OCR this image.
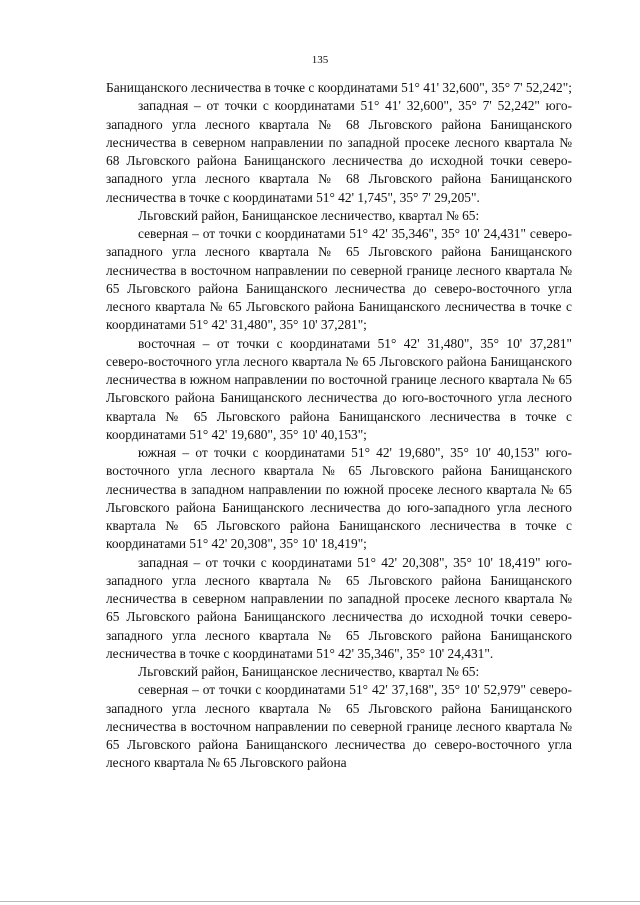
135

Банищанского лесничества в точке с координатами 51° 41' 32,600", 35° 7' 52,242";

западная – от точки с координатами 51° 41' 32,600", 35° 7' 52,242" юго-западного угла лесного квартала № 68 Льговского района Банищанского лесничества в северном направлении по западной просеке лесного квартала № 68 Льговского района Банищанского лесничества до исходной точки северо-западного угла лесного квартала № 68 Льговского района Банищанского лесничества в точке с координатами 51° 42' 1,745", 35° 7' 29,205".

Льговский район, Банищанское лесничество, квартал № 65:

северная – от точки с координатами 51° 42' 35,346", 35° 10' 24,431" северо-западного угла лесного квартала № 65 Льговского района Банищанского лесничества в восточном направлении по северной границе лесного квартала № 65 Льговского района Банищанского лесничества до северо-восточного угла лесного квартала № 65 Льговского района Банищанского лесничества в точке с координатами 51° 42' 31,480", 35° 10' 37,281";

восточная – от точки с координатами 51° 42' 31,480", 35° 10' 37,281" северо-восточного угла лесного квартала № 65 Льговского района Банищанского лесничества в южном направлении по восточной границе лесного квартала № 65 Льговского района Банищанского лесничества до юго-восточного угла лесного квартала № 65 Льговского района Банищанского лесничества в точке с координатами 51° 42' 19,680", 35° 10' 40,153";

южная – от точки с координатами 51° 42' 19,680", 35° 10' 40,153" юго-восточного угла лесного квартала № 65 Льговского района Банищанского лесничества в западном направлении по южной просеке лесного квартала № 65 Льговского района Банищанского лесничества до юго-западного угла лесного квартала № 65 Льговского района Банищанского лесничества в точке с координатами 51° 42' 20,308", 35° 10' 18,419";

западная – от точки с координатами 51° 42' 20,308", 35° 10' 18,419" юго-западного угла лесного квартала № 65 Льговского района Банищанского лесничества в северном направлении по западной просеке лесного квартала № 65 Льговского района Банищанского лесничества до исходной точки северо-западного угла лесного квартала № 65 Льговского района Банищанского лесничества в точке с координатами 51° 42' 35,346", 35° 10' 24,431".

Льговский район, Банищанское лесничество, квартал № 65:

северная – от точки с координатами 51° 42' 37,168", 35° 10' 52,979" северо-западного угла лесного квартала № 65 Льговского района Банищанского лесничества в восточном направлении по северной границе лесного квартала № 65 Льговского района Банищанского лесничества до северо-восточного угла лесного квартала № 65 Льговского района
